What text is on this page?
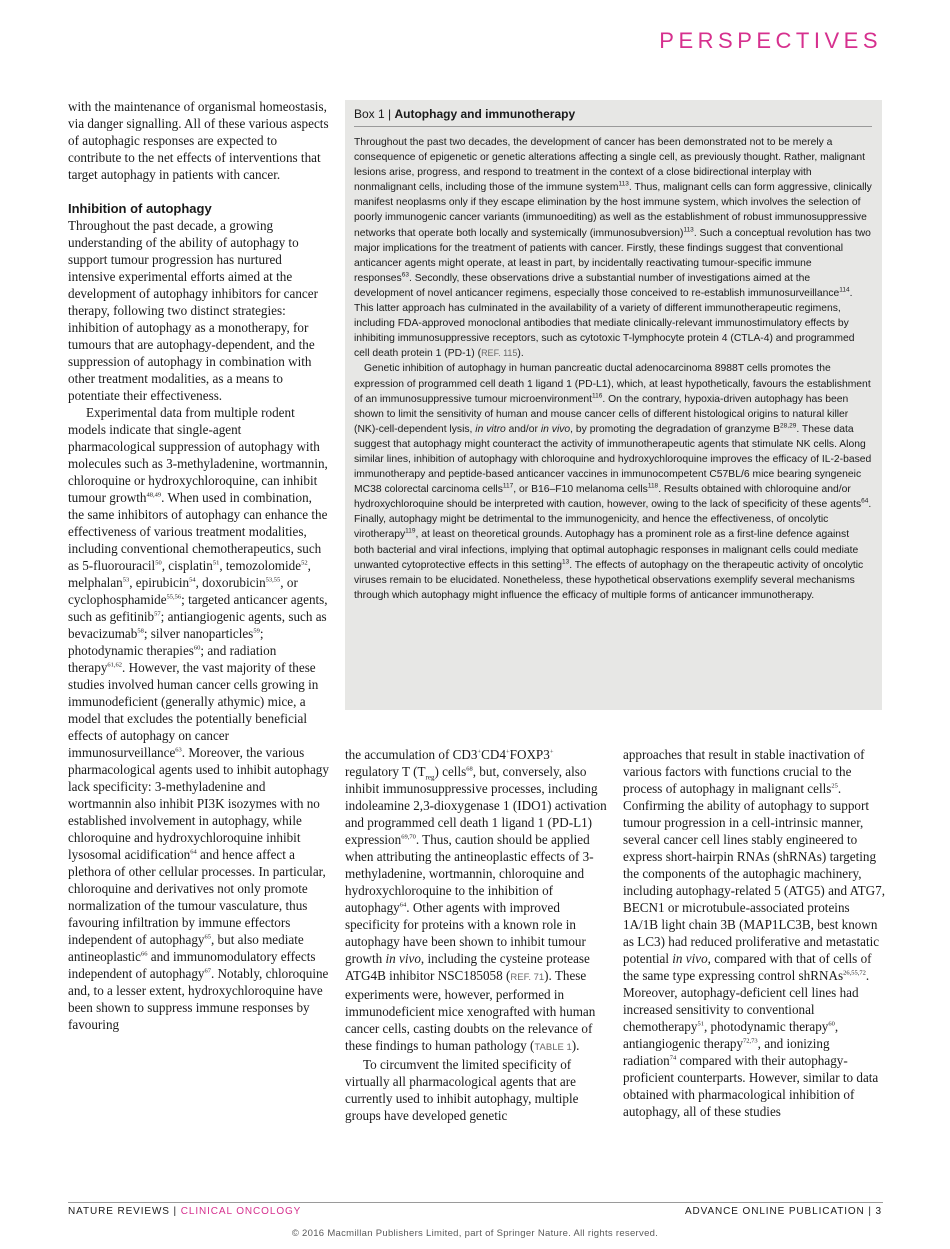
PERSPECTIVES

with the maintenance of organismal homeostasis, via danger signalling. All of these various aspects of autophagic responses are expected to contribute to the net effects of interventions that target autophagy in patients with cancer.

Inhibition of autophagy

Throughout the past decade, a growing understanding of the ability of autophagy to support tumour progression has nurtured intensive experimental efforts aimed at the development of autophagy inhibitors for cancer therapy, following two distinct strategies: inhibition of autophagy as a monotherapy, for tumours that are autophagy-dependent, and the suppression of autophagy in combination with other treatment modalities, as a means to potentiate their effectiveness.

Experimental data from multiple rodent models indicate that single-agent pharmacological suppression of autophagy with molecules such as 3-methyladenine, wortmannin, chloroquine or hydroxychloroquine, can inhibit tumour growth$^{48,49}$. When used in combination, the same inhibitors of autophagy can enhance the effectiveness of various treatment modalities, including conventional chemotherapeutics, such as 5-fluorouracil$^{50}$, cisplatin$^{51}$, temozolomide$^{52}$, melphalan$^{53}$, epirubicin$^{54}$, doxorubicin$^{53,55}$, or cyclophosphamide$^{55,56}$; targeted anticancer agents, such as gefitinib$^{57}$; antiangiogenic agents, such as bevacizumab$^{58}$; silver nanoparticles$^{59}$; photodynamic therapies$^{60}$; and radiation therapy$^{61,62}$. However, the vast majority of these studies involved human cancer cells growing in immunodeficient (generally athymic) mice, a model that excludes the potentially beneficial effects of autophagy on cancer immunosurveillance$^{63}$. Moreover, the various pharmacological agents used to inhibit autophagy lack specificity: 3-methyladenine and wortmannin also inhibit PI3K isozymes with no established involvement in autophagy, while chloroquine and hydroxychloroquine inhibit lysosomal acidification$^{64}$ and hence affect a plethora of other cellular processes. In particular, chloroquine and derivatives not only promote normalization of the tumour vasculature, thus favouring infiltration by immune effectors independent of autophagy$^{65}$, but also mediate antineoplastic$^{66}$ and immunomodulatory effects independent of autophagy$^{67}$. Notably, chloroquine and, to a lesser extent, hydroxychloroquine have been shown to suppress immune responses by favouring

Box 1 | Autophagy and immunotherapy

Throughout the past two decades, the development of cancer has been demonstrated not to be merely a consequence of epigenetic or genetic alterations affecting a single cell, as previously thought. Rather, malignant lesions arise, progress, and respond to treatment in the context of a close bidirectional interplay with nonmalignant cells, including those of the immune system$^{113}$. Thus, malignant cells can form aggressive, clinically manifest neoplasms only if they escape elimination by the host immune system, which involves the selection of poorly immunogenic cancer variants (immunoediting) as well as the establishment of robust immunosuppressive networks that operate both locally and systemically (immunosubversion)$^{113}$. Such a conceptual revolution has two major implications for the treatment of patients with cancer. Firstly, these findings suggest that conventional anticancer agents might operate, at least in part, by incidentally reactivating tumour-specific immune responses$^{63}$. Secondly, these observations drive a substantial number of investigations aimed at the development of novel anticancer regimens, especially those conceived to re-establish immunosurveillance$^{114}$. This latter approach has culminated in the availability of a variety of different immunotherapeutic regimens, including FDA-approved monoclonal antibodies that mediate clinically-relevant immunostimulatory effects by inhibiting immunosuppressive receptors, such as cytotoxic T-lymphocyte protein 4 (CTLA-4) and programmed cell death protein 1 (PD-1) (REF. 115).

Genetic inhibition of autophagy in human pancreatic ductal adenocarcinoma 8988T cells promotes the expression of programmed cell death 1 ligand 1 (PD-L1), which, at least hypothetically, favours the establishment of an immunosuppressive tumour microenvironment$^{116}$. On the contrary, hypoxia-driven autophagy has been shown to limit the sensitivity of human and mouse cancer cells of different histological origins to natural killer (NK)-cell-dependent lysis, in vitro and/or in vivo, by promoting the degradation of granzyme B$^{28,29}$. These data suggest that autophagy might counteract the activity of immunotherapeutic agents that stimulate NK cells. Along similar lines, inhibition of autophagy with chloroquine and hydroxychloroquine improves the efficacy of IL-2-based immunotherapy and peptide-based anticancer vaccines in immunocompetent C57BL/6 mice bearing syngeneic MC38 colorectal carcinoma cells$^{117}$, or B16–F10 melanoma cells$^{118}$. Results obtained with chloroquine and/or hydroxychloroquine should be interpreted with caution, however, owing to the lack of specificity of these agents$^{64}$. Finally, autophagy might be detrimental to the immunogenicity, and hence the effectiveness, of oncolytic virotherapy$^{119}$, at least on theoretical grounds. Autophagy has a prominent role as a first-line defence against both bacterial and viral infections, implying that optimal autophagic responses in malignant cells could mediate unwanted cytoprotective effects in this setting$^{13}$. The effects of autophagy on the therapeutic activity of oncolytic viruses remain to be elucidated. Nonetheless, these hypothetical observations exemplify several mechanisms through which autophagy might influence the efficacy of multiple forms of anticancer immunotherapy.

the accumulation of CD3+CD4+FOXP3+ regulatory T $(T_{reg})$ cells$^{68}$, but, conversely, also inhibit immunosuppressive processes, including indoleamine 2,3-dioxygenase 1 (IDO1) activation and programmed cell death 1 ligand 1 (PD-L1) expression$^{69,70}$. Thus, caution should be applied when attributing the antineoplastic effects of 3-methyladenine, wortmannin, chloroquine and hydroxychloroquine to the inhibition of autophagy$^{64}$. Other agents with improved specificity for proteins with a known role in autophagy have been shown to inhibit tumour growth in vivo, including the cysteine protease ATG4B inhibitor NSC185058 (REF. 71). These experiments were, however, performed in immunodeficient mice xenografted with human cancer cells, casting doubts on the relevance of these findings to human pathology (TABLE 1).

To circumvent the limited specificity of virtually all pharmacological agents that are currently used to inhibit autophagy, multiple groups have developed genetic

approaches that result in stable inactivation of various factors with functions crucial to the process of autophagy in malignant cells$^{25}$. Confirming the ability of autophagy to support tumour progression in a cell-intrinsic manner, several cancer cell lines stably engineered to express short-hairpin RNAs (shRNAs) targeting the components of the autophagic machinery, including autophagy-related 5 (ATG5) and ATG7, BECN1 or microtubule-associated proteins 1A/1B light chain 3B (MAP1LC3B, best known as LC3) had reduced proliferative and metastatic potential in vivo, compared with that of cells of the same type expressing control shRNAs$^{26,55,72}$. Moreover, autophagy-deficient cell lines had increased sensitivity to conventional chemotherapy$^{51}$, photodynamic therapy$^{60}$, antiangiogenic therapy$^{72,73}$, and ionizing radiation$^{74}$ compared with their autophagy-proficient counterparts. However, similar to data obtained with pharmacological inhibition of autophagy, all of these studies

NATURE REVIEWS | CLINICAL ONCOLOGY	ADVANCE ONLINE PUBLICATION | 3
© 2016 Macmillan Publishers Limited, part of Springer Nature. All rights reserved.
